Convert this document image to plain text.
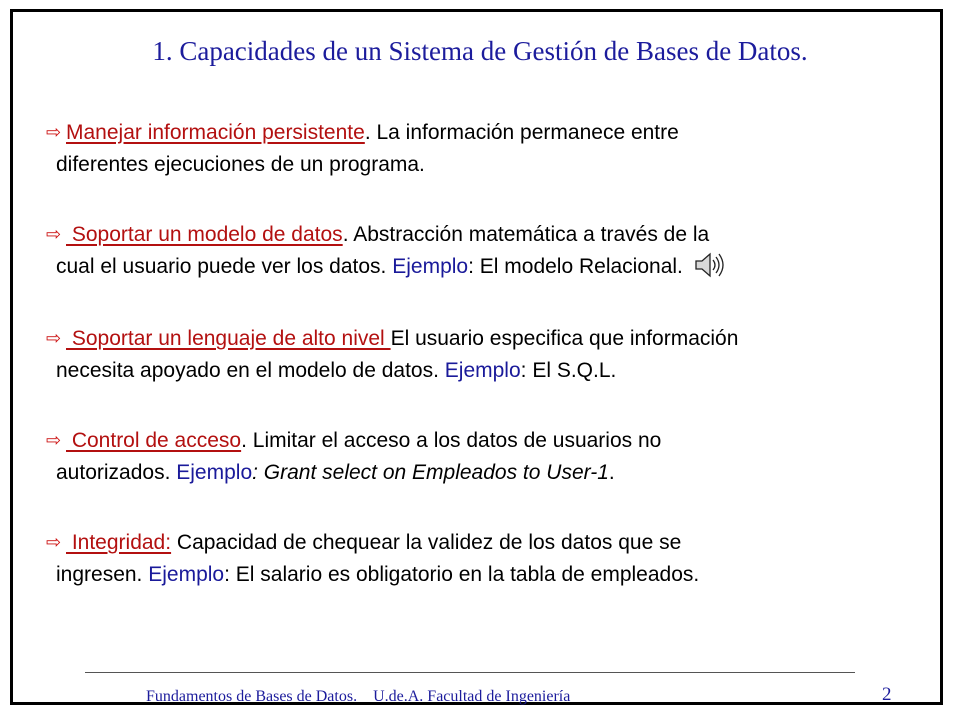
1. Capacidades de un Sistema de Gestión de Bases de Datos.
⇨ Manejar información persistente. La información permanece entre
diferentes ejecuciones de un programa.
⇨ Soportar un modelo de datos. Abstracción matemática a través de la
cual el usuario puede ver los datos. Ejemplo: El modelo Relacional.
⇨ Soportar un lenguaje de alto nivel El usuario especifica que información
necesita apoyado en el modelo de datos. Ejemplo: El S.Q.L.
⇨ Control de acceso. Limitar el acceso a los datos de usuarios no
autorizados. Ejemplo: Grant select on Empleados to User-1.
⇨ Integridad: Capacidad de chequear la validez de los datos que se
ingresen. Ejemplo: El salario es obligatorio en la tabla de empleados.
Fundamentos de Bases de Datos.    U.de.A. Facultad de Ingeniería	2
